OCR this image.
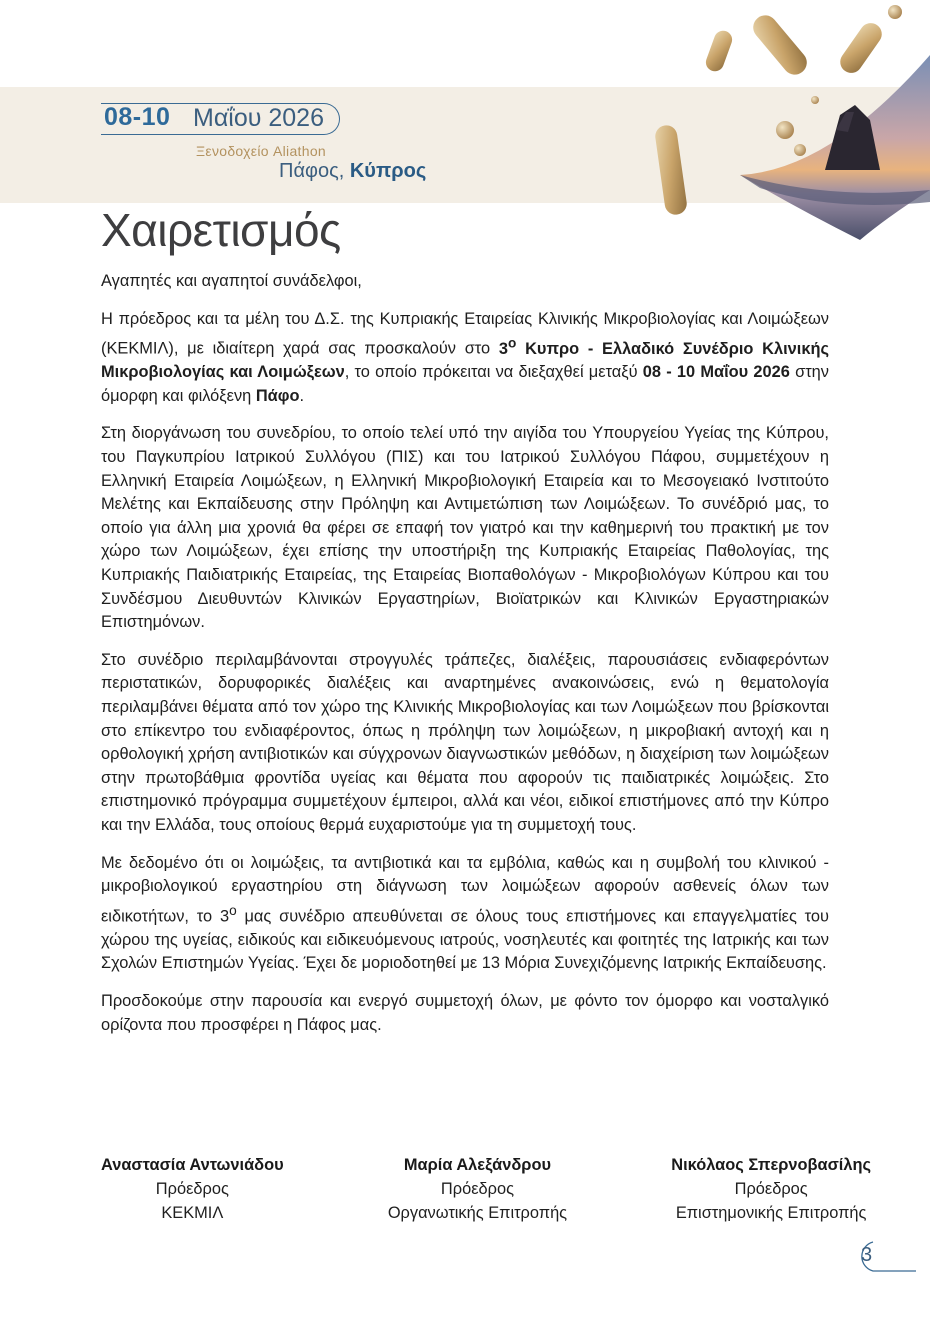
08-10 Μαΐου 2026
Ξενοδοχείο Aliathon
Πάφος, Κύπρος
Χαιρετισμός

Αγαπητές και αγαπητοί συνάδελφοι,

Η πρόεδρος και τα μέλη του Δ.Σ. της Κυπριακής Εταιρείας Κλινικής Μικροβιολογίας και Λοιμώξεων (ΚΕΚΜΙΛ), με ιδιαίτερη χαρά σας προσκαλούν στο $3^o$ Κυπρο - Ελλαδικό Συνέδριο Κλινικής Μικροβιολογίας και Λοιμώξεων, το οποίο πρόκειται να διεξαχθεί μεταξύ 08 - 10 Μαΐου 2026 στην όμορφη και φιλόξενη Πάφο.

Στη διοργάνωση του συνεδρίου, το οποίο τελεί υπό την αιγίδα του Υπουργείου Υγείας της Κύπρου, του Παγκυπρίου Ιατρικού Συλλόγου (ΠΙΣ) και του Ιατρικού Συλλόγου Πάφου, συμμετέχουν η Ελληνική Εταιρεία Λοιμώξεων, η Ελληνική Μικροβιολογική Εταιρεία και το Μεσογειακό Ινστιτούτο Μελέτης και Εκπαίδευσης στην Πρόληψη και Αντιμετώπιση των Λοιμώξεων. Το συνέδριό μας, το οποίο για άλλη μια χρονιά θα φέρει σε επαφή τον γιατρό και την καθημερινή του πρακτική με τον χώρο των Λοιμώξεων, έχει επίσης την υποστήριξη της Κυπριακής Εταιρείας Παθολογίας, της Κυπριακής Παιδιατρικής Εταιρείας, της Εταιρείας Βιοπαθολόγων - Μικροβιολόγων Κύπρου και του Συνδέσμου Διευθυντών Κλινικών Εργαστηρίων, Βιοϊατρικών και Κλινικών Εργαστηριακών Επιστημόνων.

Στο συνέδριο περιλαμβάνονται στρογγυλές τράπεζες, διαλέξεις, παρουσιάσεις ενδιαφερόντων περιστατικών, δορυφορικές διαλέξεις και αναρτημένες ανακοινώσεις, ενώ η θεματολογία περιλαμβάνει θέματα από τον χώρο της Κλινικής Μικροβιολογίας και των Λοιμώξεων που βρίσκονται στο επίκεντρο του ενδιαφέροντος, όπως η πρόληψη των λοιμώξεων, η μικροβιακή αντοχή και η ορθολογική χρήση αντιβιοτικών και σύγχρονων διαγνωστικών μεθόδων, η διαχείριση των λοιμώξεων στην πρωτοβάθμια φροντίδα υγείας και θέματα που αφορούν τις παιδιατρικές λοιμώξεις. Στο επιστημονικό πρόγραμμα συμμετέχουν έμπειροι, αλλά και νέοι, ειδικοί επιστήμονες από την Κύπρο και την Ελλάδα, τους οποίους θερμά ευχαριστούμε για τη συμμετοχή τους.

Με δεδομένο ότι οι λοιμώξεις, τα αντιβιοτικά και τα εμβόλια, καθώς και η συμβολή του κλινικού - μικροβιολογικού εργαστηρίου στη διάγνωση των λοιμώξεων αφορούν ασθενείς όλων των ειδικοτήτων, το $3^o$ μας συνέδριο απευθύνεται σε όλους τους επιστήμονες και επαγγελματίες του χώρου της υγείας, ειδικούς και ειδικευόμενους ιατρούς, νοσηλευτές και φοιτητές της Ιατρικής και των Σχολών Επιστημών Υγείας. Έχει δε μοριοδοτηθεί με 13 Μόρια Συνεχιζόμενης Ιατρικής Εκπαίδευσης.

Προσδοκούμε στην παρουσία και ενεργό συμμετοχή όλων, με φόντο τον όμορφο και νοσταλγικό ορίζοντα που προσφέρει η Πάφος μας.

Αναστασία Αντωνιάδου
Πρόεδρος
ΚΕΚΜΙΛ
Μαρία Αλεξάνδρου
Πρόεδρος
Οργανωτικής Επιτροπής
Νικόλαος Σπερνοβασίλης
Πρόεδρος
Επιστημονικής Επιτροπής
3
